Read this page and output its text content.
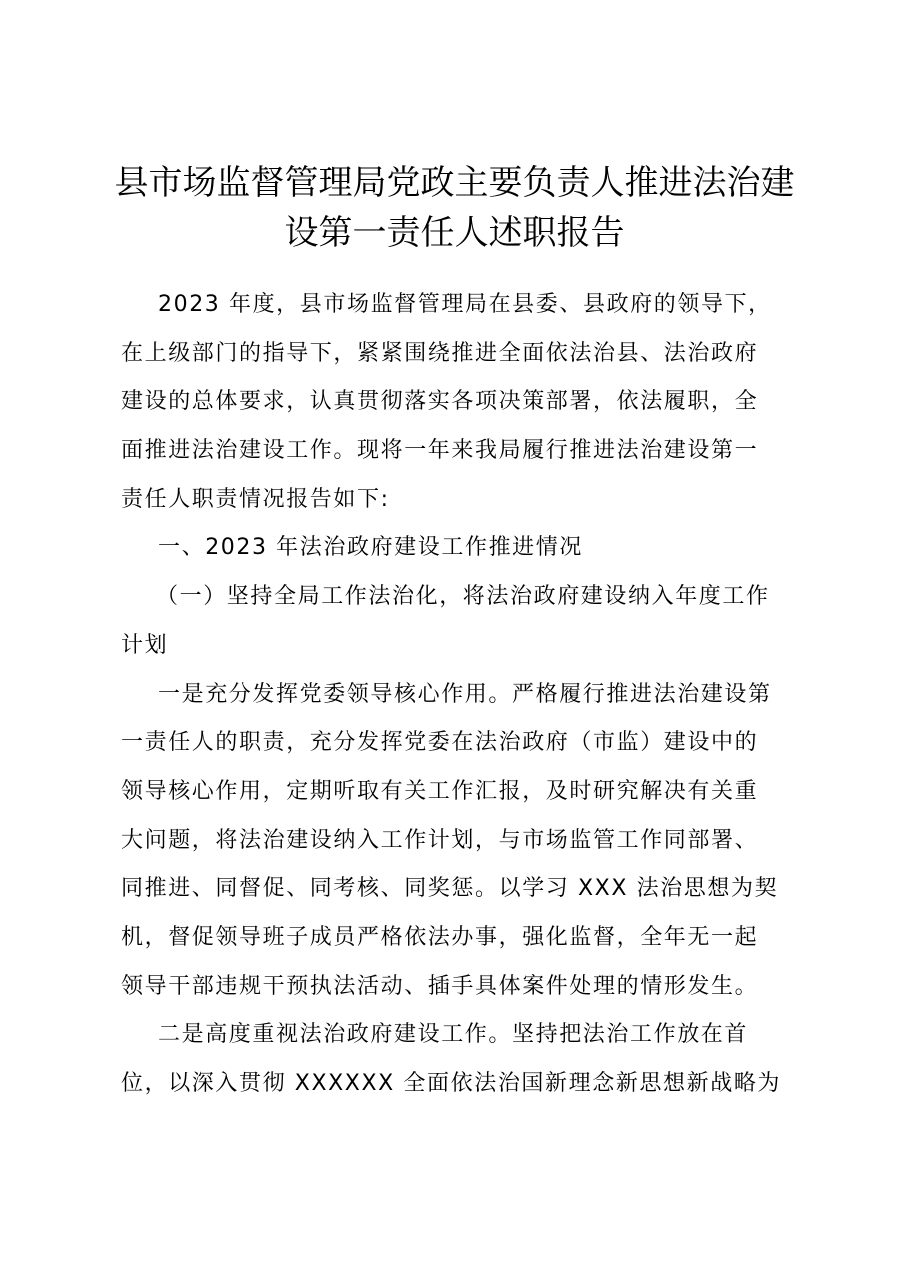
县市场监督管理局党政主要负责人推进法治建
设第一责任人述职报告
2023 年度，县市场监督管理局在县委、县政府的领导下，
在上级部门的指导下，紧紧围绕推进全面依法治县、法治政府
建设的总体要求，认真贯彻落实各项决策部署，依法履职，全
面推进法治建设工作。现将一年来我局履行推进法治建设第一
责任人职责情况报告如下:
一、2023 年法治政府建设工作推进情况
（一）坚持全局工作法治化，将法治政府建设纳入年度工作
计划
一是充分发挥党委领导核心作用。严格履行推进法治建设第
一责任人的职责，充分发挥党委在法治政府（市监）建设中的
领导核心作用，定期听取有关工作汇报，及时研究解决有关重
大问题，将法治建设纳入工作计划，与市场监管工作同部署、
同推进、同督促、同考核、同奖惩。以学习 XXX 法治思想为契
机，督促领导班子成员严格依法办事，强化监督，全年无一起
领导干部违规干预执法活动、插手具体案件处理的情形发生。
二是高度重视法治政府建设工作。坚持把法治工作放在首
位，以深入贯彻 XXXXXX 全面依法治国新理念新思想新战略为
